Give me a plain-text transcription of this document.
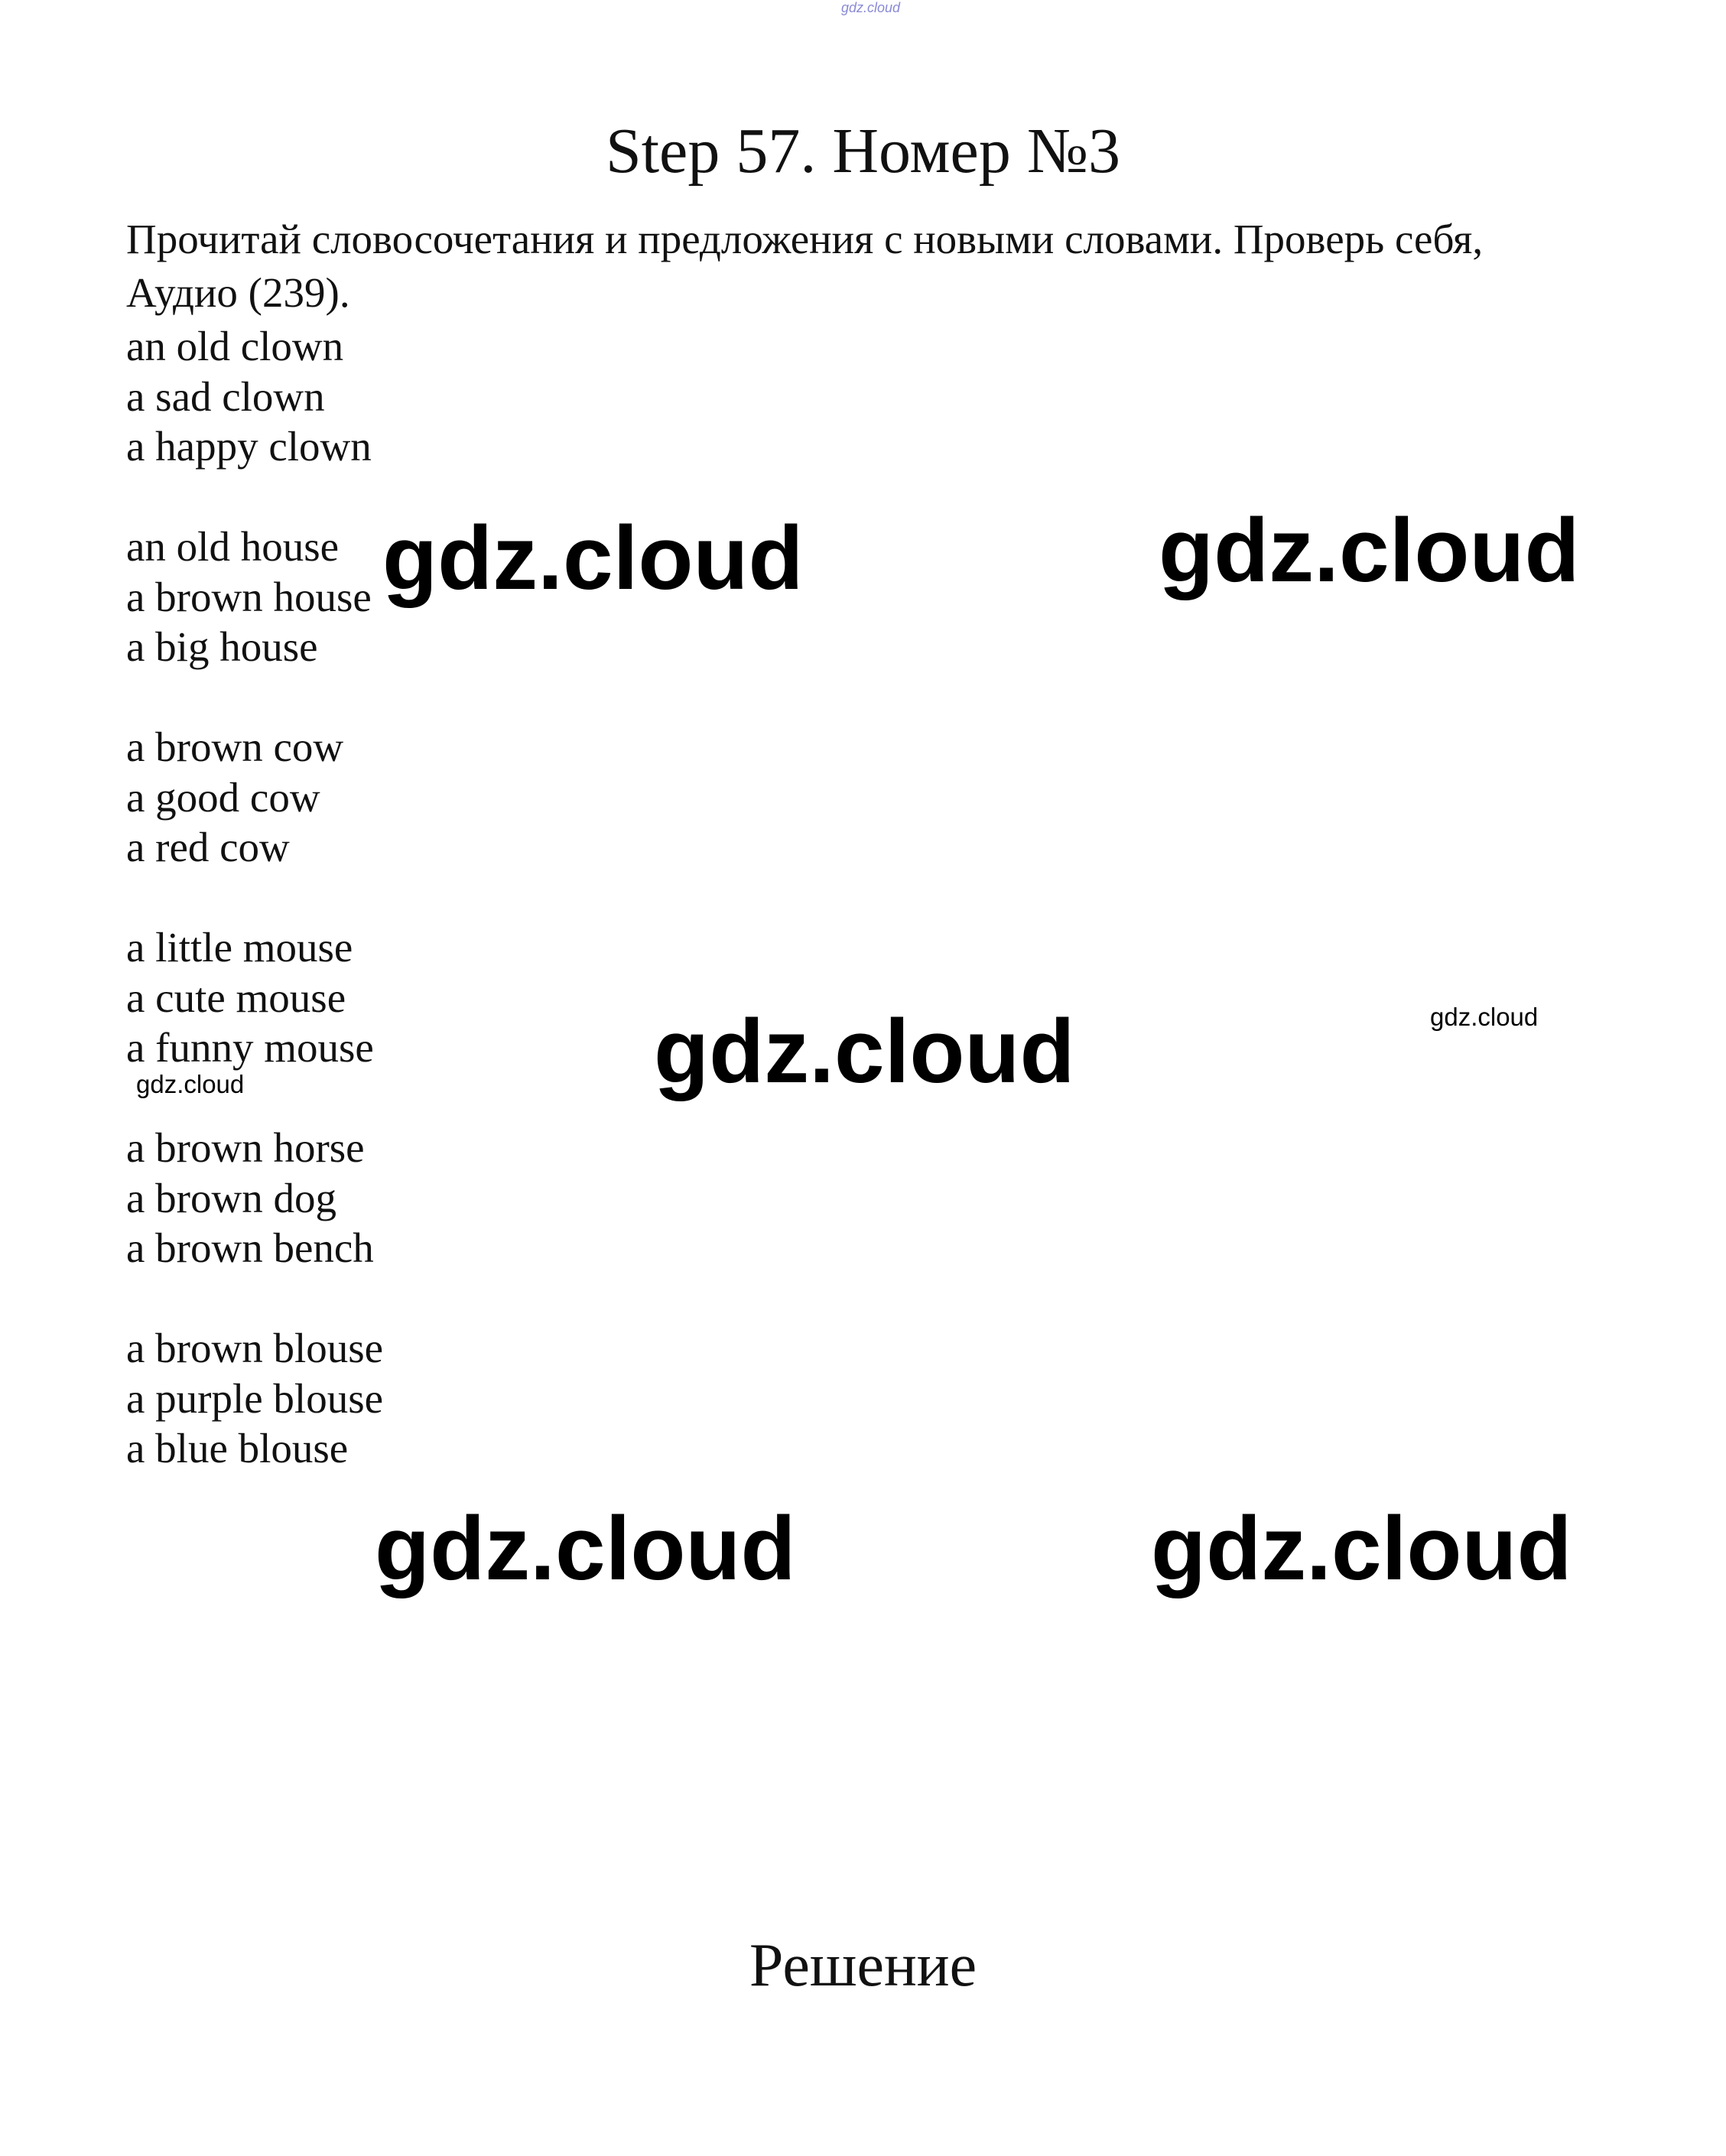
gdz.cloud
Step 57. Номер №3
Прочитай словосочетания и предложения с новыми словами. Проверь себя, Аудио (239).
an old clown
a sad clown
a happy clown
an old house
a brown house
a big house
a brown cow
a good cow
a red cow
a little mouse
a cute mouse
a funny mouse
a brown horse
a brown dog
a brown bench
a brown blouse
a purple blouse
a blue blouse
gdz.cloud	gdz.cloud
gdz.cloud	gdz.cloud
gdz.cloud
gdz.cloud	gdz.cloud
Решение
